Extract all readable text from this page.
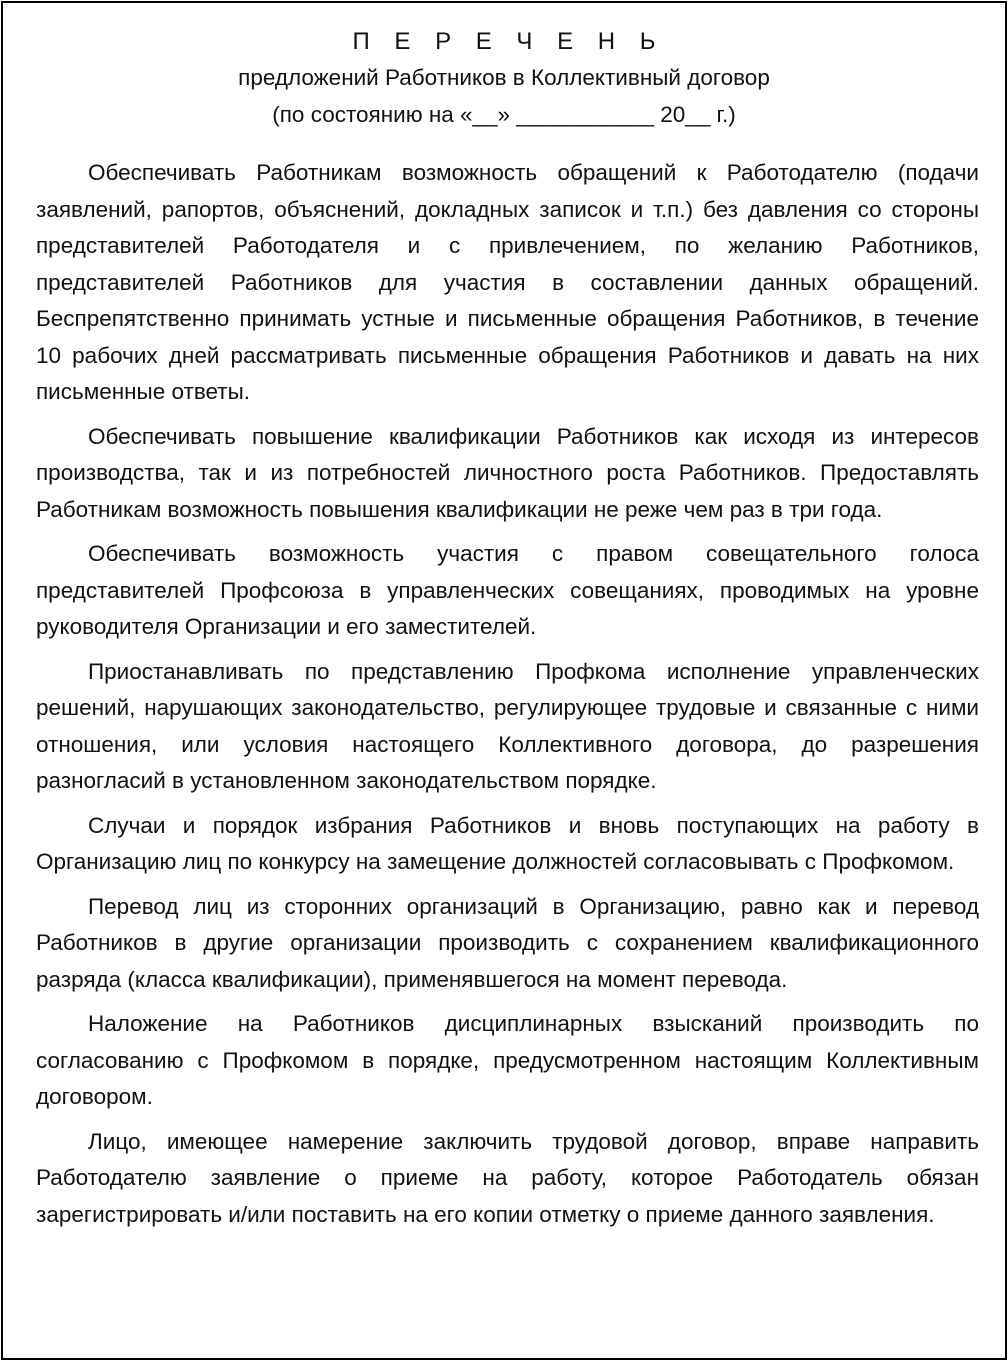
П Е Р Е Ч Е Н Ь
предложений Работников в Коллективный договор
(по состоянию на «__» ___________ 20__ г.)

Обеспечивать Работникам возможность обращений к Работодателю (подачи заявлений, рапортов, объяснений, докладных записок и т.п.) без давления со стороны представителей Работодателя и с привлечением, по желанию Работников, представителей Работников для участия в составлении данных обращений. Беспрепятственно принимать устные и письменные обращения Работников, в течение 10 рабочих дней рассматривать письменные обращения Работников и давать на них письменные ответы.

Обеспечивать повышение квалификации Работников как исходя из интересов производства, так и из потребностей личностного роста Работников. Предоставлять Работникам возможность повышения квалификации не реже чем раз в три года.

Обеспечивать возможность участия с правом совещательного голоса представителей Профсоюза в управленческих совещаниях, проводимых на уровне руководителя Организации и его заместителей.

Приостанавливать по представлению Профкома исполнение управленческих решений, нарушающих законодательство, регулирующее трудовые и связанные с ними отношения, или условия настоящего Коллективного договора, до разрешения разногласий в установленном законодательством порядке.

Случаи и порядок избрания Работников и вновь поступающих на работу в Организацию лиц по конкурсу на замещение должностей согласовывать с Профкомом.

Перевод лиц из сторонних организаций в Организацию, равно как и перевод Работников в другие организации производить с сохранением квалификационного разряда (класса квалификации), применявшегося на момент перевода.

Наложение на Работников дисциплинарных взысканий производить по согласованию с Профкомом в порядке, предусмотренном настоящим Коллективным договором.

Лицо, имеющее намерение заключить трудовой договор, вправе направить Работодателю заявление о приеме на работу, которое Работодатель обязан зарегистрировать и/или поставить на его копии отметку о приеме данного заявления.
